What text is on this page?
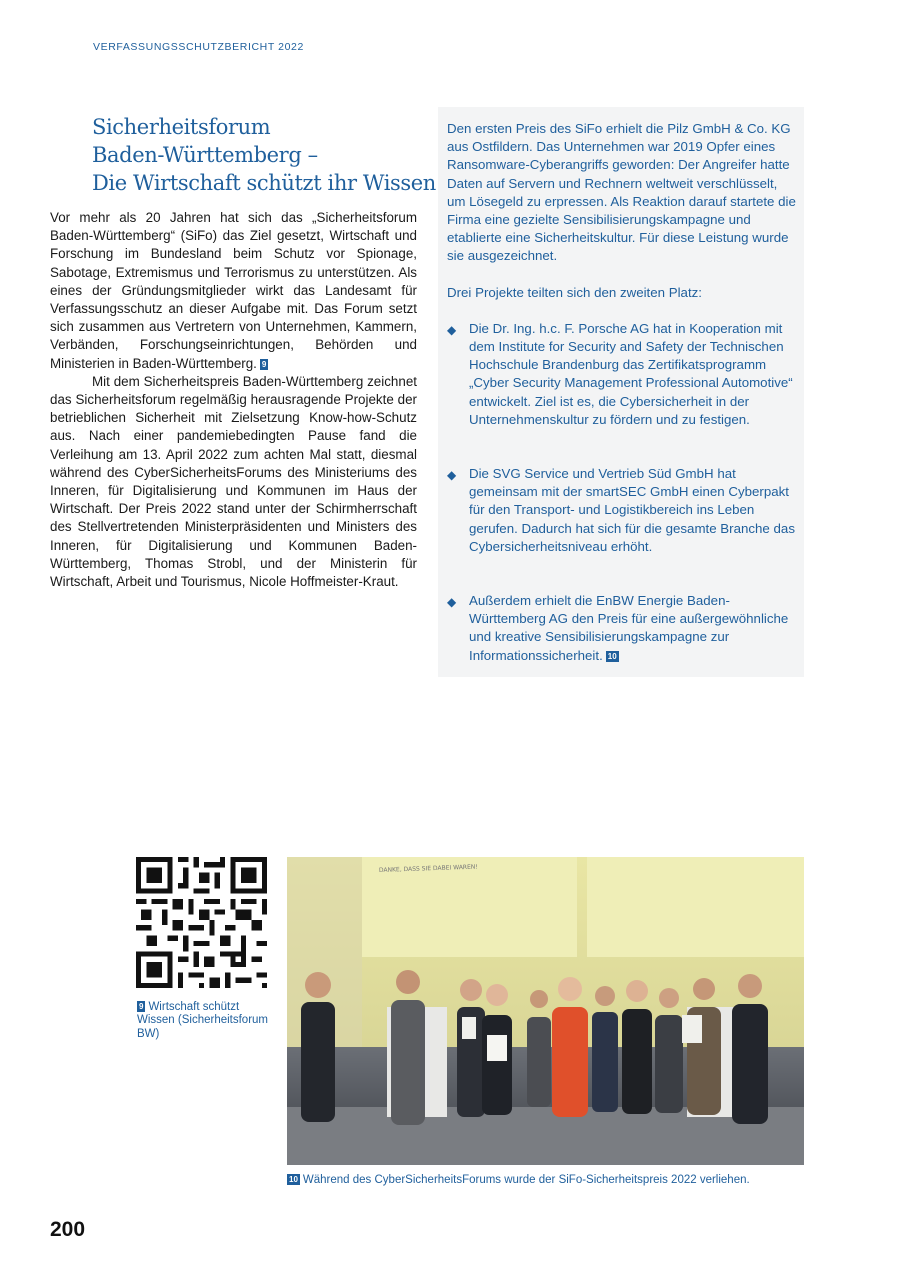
VERFASSUNGSSCHUTZBERICHT 2022
Sicherheitsforum
Baden-Württemberg –
Die Wirtschaft schützt ihr Wissen

Vor mehr als 20 Jahren hat sich das „Sicherheitsforum Baden-Württemberg“ (SiFo) das Ziel gesetzt, Wirtschaft und Forschung im Bundesland beim Schutz vor Spionage, Sabotage, Extremismus und Terrorismus zu unterstützen. Als eines der Gründungsmitglieder wirkt das Landesamt für Verfassungsschutz an dieser Aufgabe mit. Das Forum setzt sich zusammen aus Vertretern von Unternehmen, Kammern, Verbänden, Forschungseinrichtungen, Behörden und Ministerien in Baden-Württemberg. 9

Mit dem Sicherheitspreis Baden-Württemberg zeichnet das Sicherheitsforum regelmäßig herausragende Projekte der betrieblichen Sicherheit mit Zielsetzung Know-how-Schutz aus. Nach einer pandemiebedingten Pause fand die Verleihung am 13. April 2022 zum achten Mal statt, diesmal während des CyberSicherheitsForums des Ministeriums des Inneren, für Digitalisierung und Kommunen im Haus der Wirtschaft. Der Preis 2022 stand unter der Schirmherrschaft des Stellvertretenden Ministerpräsidenten und Ministers des Inneren, für Digitalisierung und Kommunen Baden-Württemberg, Thomas Strobl, und der Ministerin für Wirtschaft, Arbeit und Tourismus, Nicole Hoffmeister-Kraut.

Den ersten Preis des SiFo erhielt die Pilz GmbH & Co. KG aus Ostfildern. Das Unternehmen war 2019 Opfer eines Ransomware-Cyberangriffs geworden: Der Angreifer hatte Daten auf Servern und Rechnern weltweit verschlüsselt, um Lösegeld zu erpressen. Als Reaktion darauf startete die Firma eine gezielte Sensibilisierungskampagne und etablierte eine Sicherheitskultur. Für diese Leistung wurde sie ausgezeichnet.

Drei Projekte teilten sich den zweiten Platz:

◆ Die Dr. Ing. h.c. F. Porsche AG hat in Kooperation mit dem Institute for Security and Safety der Technischen Hochschule Brandenburg das Zertifikatsprogramm „Cyber Security Management Professional Automotive“ entwickelt. Ziel ist es, die Cybersicherheit in der Unternehmenskultur zu fördern und zu festigen.
◆ Die SVG Service und Vertrieb Süd GmbH hat gemeinsam mit der smartSEC GmbH einen Cyberpakt für den Transport- und Logistikbereich ins Leben gerufen. Dadurch hat sich für die gesamte Branche das Cybersicherheitsniveau erhöht.
◆ Außerdem erhielt die EnBW Energie Baden-Württemberg AG den Preis für eine außergewöhnliche und kreative Sensibilisierungskampagne zur Informationssicherheit. 10
9 Wirtschaft schützt Wissen (Sicherheitsforum BW)
DANKE, DASS SIE DABEI WAREN!
10 Während des CyberSicherheitsForums wurde der SiFo-Sicherheitspreis 2022 verliehen.
200
